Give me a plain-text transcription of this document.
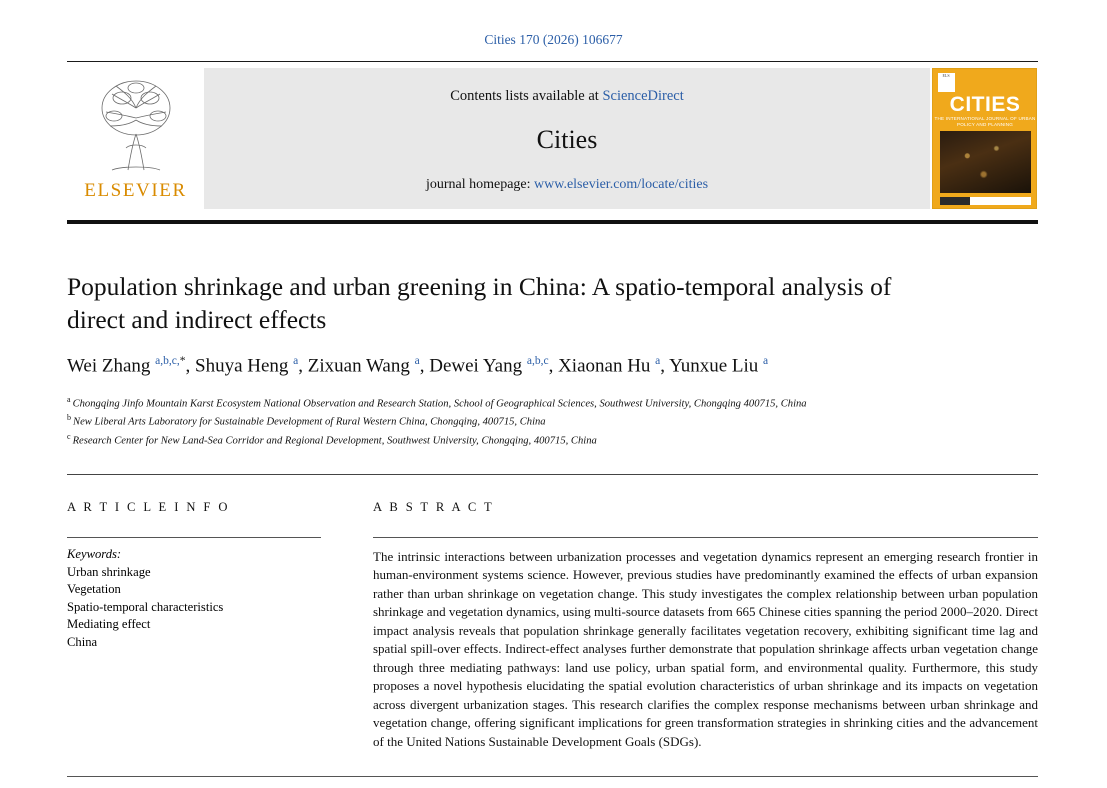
Cities 170 (2026) 106677
ELSEVIER
Contents lists available at ScienceDirect
Cities
journal homepage: www.elsevier.com/locate/cities
ELS
CITIES
THE INTERNATIONAL JOURNAL OF URBAN POLICY AND PLANNING
Population shrinkage and urban greening in China: A spatio-temporal analysis of direct and indirect effects
Wei Zhang $^{a,b,c,*}$, Shuya Heng $^a$, Zixuan Wang $^a$, Dewei Yang $^{a,b,c}$, Xiaonan Hu $^a$, Yunxue Liu $^a$
$^a$ Chongqing Jinfo Mountain Karst Ecosystem National Observation and Research Station, School of Geographical Sciences, Southwest University, Chongqing 400715, China
$^b$ New Liberal Arts Laboratory for Sustainable Development of Rural Western China, Chongqing, 400715, China
$^c$ Research Center for New Land-Sea Corridor and Regional Development, Southwest University, Chongqing, 400715, China
A R T I C L E I N F O
Keywords:
Urban shrinkage
Vegetation
Spatio-temporal characteristics
Mediating effect
China
A B S T R A C T
The intrinsic interactions between urbanization processes and vegetation dynamics represent an emerging research frontier in human-environment systems science. However, previous studies have predominantly examined the effects of urban expansion rather than urban shrinkage on vegetation change. This study investigates the complex relationship between urban population shrinkage and vegetation dynamics, using multi-source datasets from 665 Chinese cities spanning the period 2000–2020. Direct impact analysis reveals that population shrinkage generally facilitates vegetation recovery, exhibiting significant time lag and spatial spill-over effects. Indirect-effect analyses further demonstrate that population shrinkage affects urban vegetation change through three mediating pathways: land use policy, urban spatial form, and environmental quality. Furthermore, this study proposes a novel hypothesis elucidating the spatial evolution characteristics of urban shrinkage and its impacts on vegetation across divergent urbanization stages. This research clarifies the complex response mechanisms between urban shrinkage and vegetation change, offering significant implications for green transformation strategies in shrinking cities and the advancement of the United Nations Sustainable Development Goals (SDGs).
